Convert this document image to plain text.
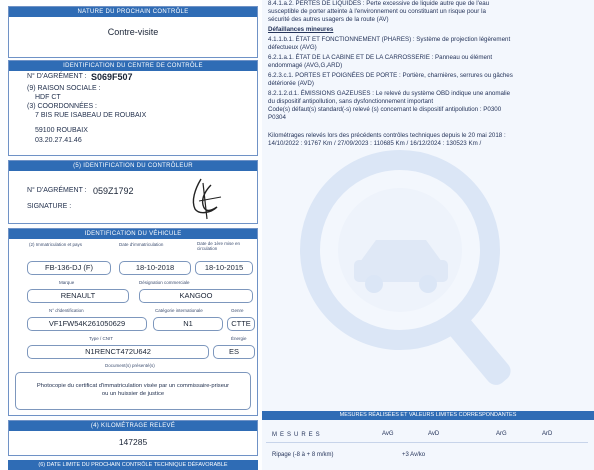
NATURE DU PROCHAIN CONTRÔLE
Contre-visite
IDENTIFICATION DU CENTRE DE CONTRÔLE
N° D'AGRÉMENT : S069F507
(9) RAISON SOCIALE :
HDF CT
(3) COORDONNÉES :
7 BIS RUE ISABEAU DE ROUBAIX
59100 ROUBAIX
03.20.27.41.46
(5) IDENTIFICATION DU CONTRÔLEUR
N° D'AGRÉMENT : 059Z1792
SIGNATURE :
IDENTIFICATION DU VÉHICULE
(2) Immatriculation et pays	Date d'immatriculation	Date de 1ère mise en circulation
FB-136-DJ (F)	18-10-2018	18-10-2015
Marque	Désignation commerciale
RENAULT	KANGOO
N° d'identification	Catégorie internationale	Genre
VF1FW54K261050629	N1	CTTE
Type / CNIT	Énergie
N1RENCT472U642	ES
Document(s) présenté(s)
Photocopie du certificat d'immatriculation visée par un commissaire-priseur
ou un huissier de justice
(4) KILOMÉTRAGE RELEVÉ
147285
(6) DATE LIMITE DU PROCHAIN CONTRÔLE TECHNIQUE DÉFAVORABLE
8.4.1.a.2. PERTES DE LIQUIDES : Perte excessive de liquide autre que de l'eau
susceptible de porter atteinte à l'environnement ou constituant un risque pour la
sécurité des autres usagers de la route (AV)
Défaillances mineures
4.1.1.b.1. ÉTAT ET FONCTIONNEMENT (PHARES) : Système de projection légèrement
défectueux (AVG)
6.2.1.a.1. ÉTAT DE LA CABINE ET DE LA CARROSSERIE : Panneau ou élément
endommagé (AVG,G,ARD)
6.2.3.c.1. PORTES ET POIGNÉES DE PORTE : Portière, charnières, serrures ou gâches
détériorée (AVD)
8.2.1.2.d.1. ÉMISSIONS GAZEUSES : Le relevé du système OBD indique une anomalie
du dispositif antipollution, sans dysfonctionnement important
Code(s) défaut(s) standard(-s) relevé (s) concernant le dispositif antipollution : P0300
P0304
Kilométrages relevés lors des précédents contrôles techniques depuis le 20 mai 2018 :
14/10/2022 : 91767 Km / 27/09/2023 : 110685 Km / 16/12/2024 : 130523 Km /
MESURES RÉALISÉES ET VALEURS LIMITES CORRESPONDANTES
MESURES	AvG	AvD	ArG	ArD
Ripage (-8 à + 8 m/km)	+3 Av/ko
